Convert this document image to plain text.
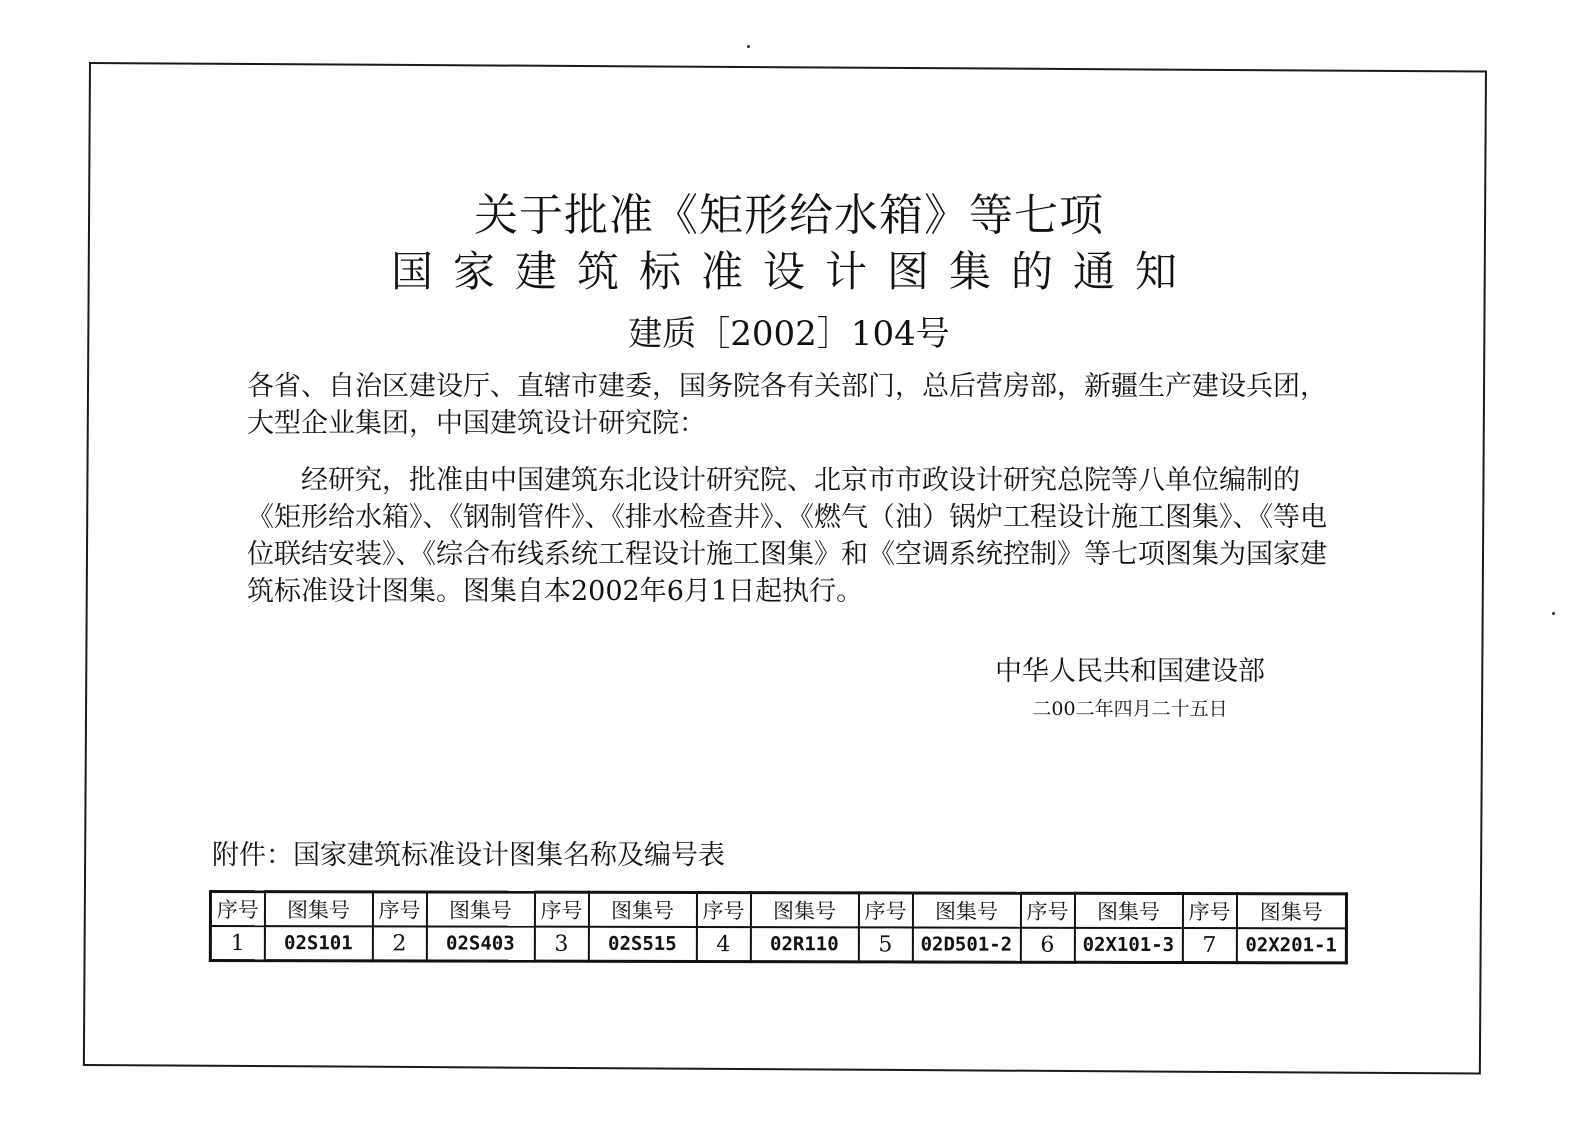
关于批准《矩形给水箱》等七项
国家建筑标准设计图集的通知
建质［2002］104号
各省、自治区建设厅、直辖市建委，国务院各有关部门，总后营房部，新疆生产建设兵团，大型企业集团，中国建筑设计研究院：
经研究，批准由中国建筑东北设计研究院、北京市市政设计研究总院等八单位编制的《矩形给水箱》、《钢制管件》、《排水检查井》、《燃气（油）锅炉工程设计施工图集》、《等电位联结安装》、《综合布线系统工程设计施工图集》和《空调系统控制》等七项图集为国家建筑标准设计图集。图集自本2002年6月1日起执行。
中华人民共和国建设部
二00二年四月二十五日
附件：国家建筑标准设计图集名称及编号表
序号	图集号	序号	图集号	序号	图集号	序号	图集号	序号	图集号	序号	图集号	序号	图集号
1	02S101	2	02S403	3	02S515	4	02R110	5	02D501-2	6	02X101-3	7	02X201-1
